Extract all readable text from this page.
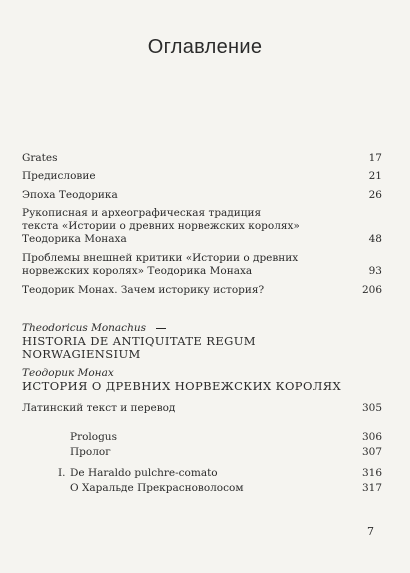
Оглавление
Grates	17
Предисловие	21
Эпоха Теодорика	26
Рукописная и археографическая традиция
текста «Истории о древних норвежских королях»
Теодорика Монаха	48
Проблемы внешней критики «Истории о древних
норвежских королях» Теодорика Монаха	93
Теодорик Монах. Зачем историку история?	206
Theodoricus Monachus
HISTORIA DE ANTIQUITATE REGUM
NORWAGIENSIUM
Теодорик Монах
ИСТОРИЯ О ДРЕВНИХ НОРВЕЖСКИХ КОРОЛЯХ
Латинский текст и перевод	305
Prologus	306
Пролог	307
I. De Haraldo pulchre-comato	316
О Харальде Прекрасноволосом	317
7
